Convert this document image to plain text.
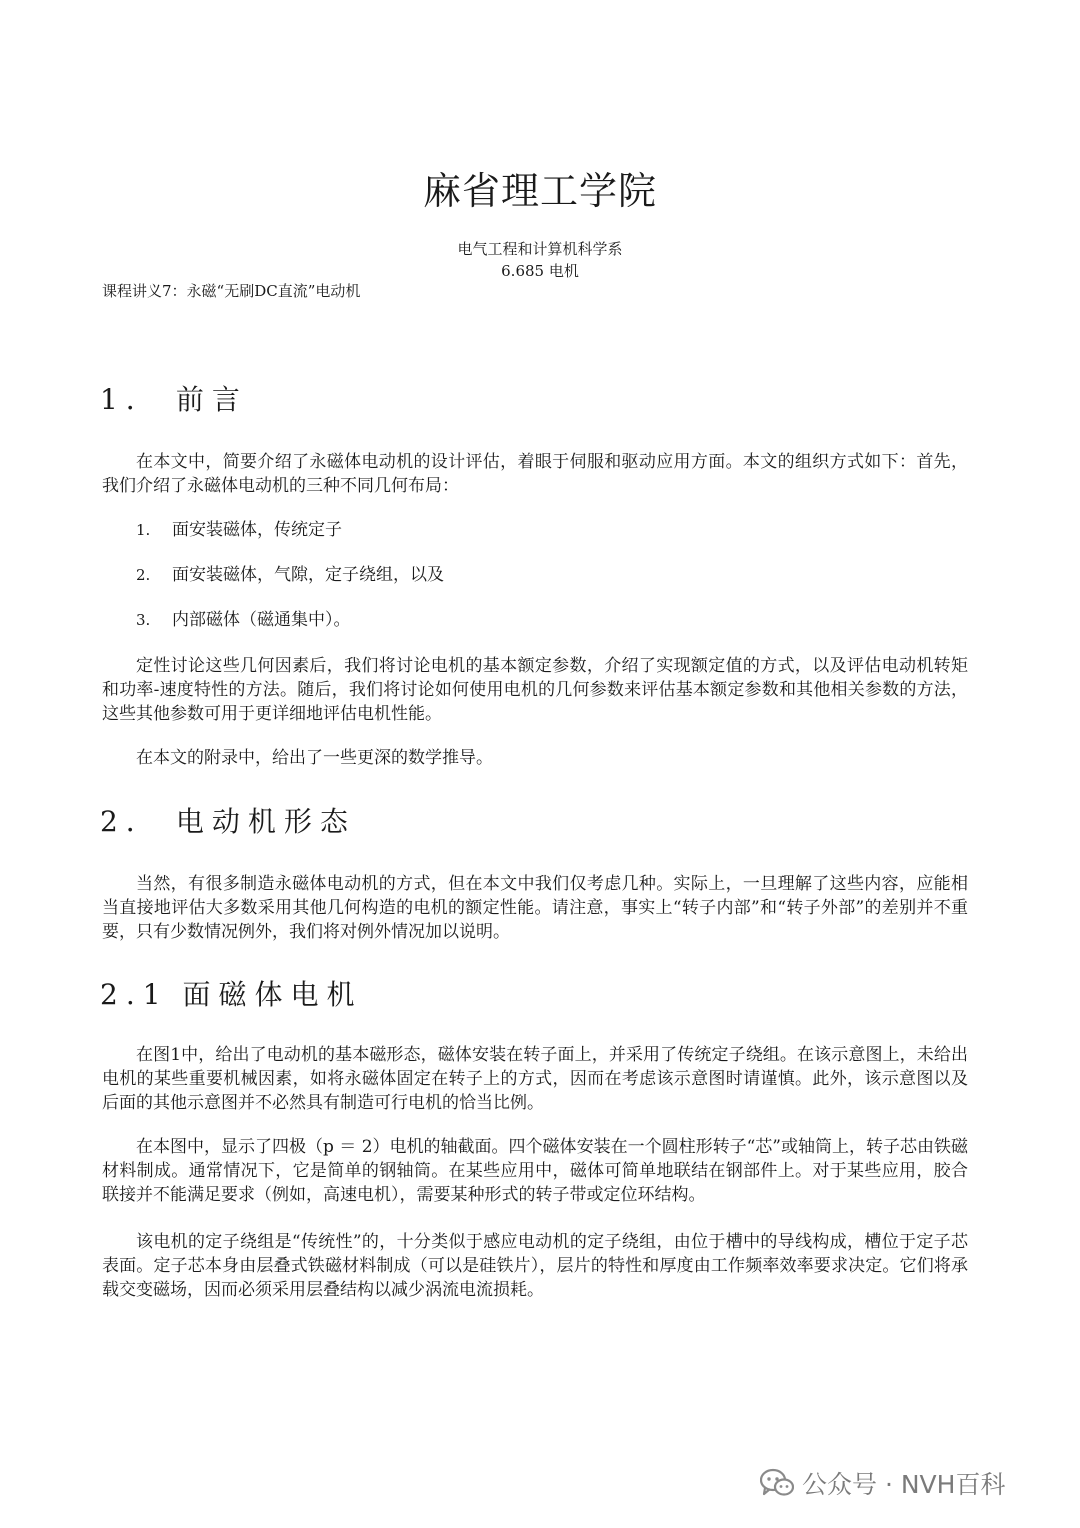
麻省理工学院
电气工程和计算机科学系
6.685 电机
课程讲义7：永磁“无刷DC直流”电动机
1． 前言
在本文中，简要介绍了永磁体电动机的设计评估，着眼于伺服和驱动应用方面。本文的组织方式如下：首先，我们介绍了永磁体电动机的三种不同几何布局：
1. 面安装磁体，传统定子
2. 面安装磁体，气隙，定子绕组，以及
3. 内部磁体（磁通集中）。
定性讨论这些几何因素后，我们将讨论电机的基本额定参数，介绍了实现额定值的方式，以及评估电动机转矩和功率-速度特性的方法。随后，我们将讨论如何使用电机的几何参数来评估基本额定参数和其他相关参数的方法，这些其他参数可用于更详细地评估电机性能。
在本文的附录中，给出了一些更深的数学推导。
2． 电动机形态
当然，有很多制造永磁体电动机的方式，但在本文中我们仅考虑几种。实际上，一旦理解了这些内容，应能相当直接地评估大多数采用其他几何构造的电机的额定性能。请注意，事实上“转子内部”和“转子外部”的差别并不重要，只有少数情况例外，我们将对例外情况加以说明。
2.1 面磁体电机
在图1中，给出了电动机的基本磁形态，磁体安装在转子面上，并采用了传统定子绕组。在该示意图上，未给出电机的某些重要机械因素，如将永磁体固定在转子上的方式，因而在考虑该示意图时请谨慎。此外，该示意图以及后面的其他示意图并不必然具有制造可行电机的恰当比例。
在本图中，显示了四极（p ＝ 2）电机的轴截面。四个磁体安装在一个圆柱形转子“芯”或轴筒上，转子芯由铁磁材料制成。通常情况下，它是简单的钢轴筒。在某些应用中，磁体可简单地联结在钢部件上。对于某些应用，胶合联接并不能满足要求（例如，高速电机），需要某种形式的转子带或定位环结构。
该电机的定子绕组是“传统性”的，十分类似于感应电动机的定子绕组，由位于槽中的导线构成，槽位于定子芯表面。定子芯本身由层叠式铁磁材料制成（可以是硅铁片），层片的特性和厚度由工作频率效率要求决定。它们将承载交变磁场，因而必须采用层叠结构以减少涡流电流损耗。
公众号 · NVH百科
